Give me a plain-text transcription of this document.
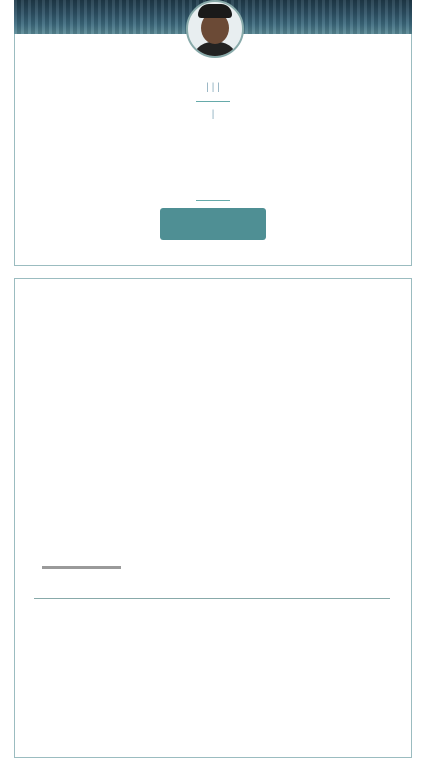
| | |
|
